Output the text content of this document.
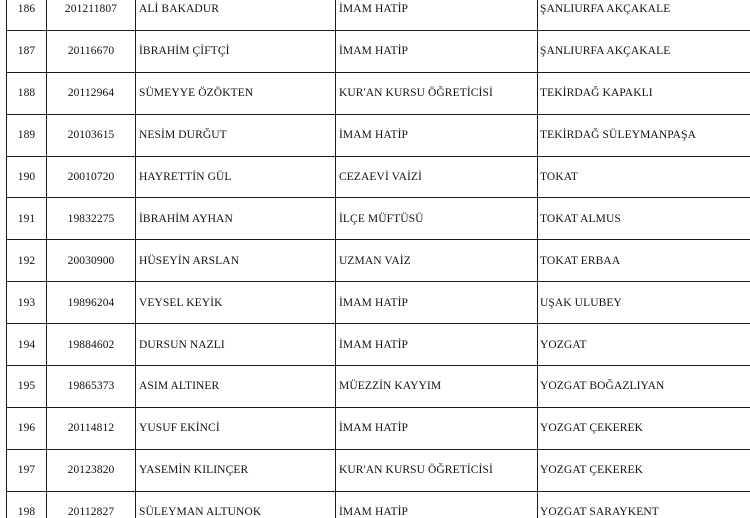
186	201211807	ALİ BAKADUR	İMAM HATİP	ŞANLIURFA AKÇAKALE
187	20116670	İBRAHİM ÇİFTÇİ	İMAM HATİP	ŞANLIURFA AKÇAKALE
188	20112964	SÜMEYYE ÖZÖKTEN	KUR'AN KURSU ÖĞRETİCİSİ	TEKİRDAĞ KAPAKLI
189	20103615	NESİM DURĞUT	İMAM HATİP	TEKİRDAĞ SÜLEYMANPAŞA
190	20010720	HAYRETTİN GÜL	CEZAEVİ VAİZİ	TOKAT
191	19832275	İBRAHİM AYHAN	İLÇE MÜFTÜSÜ	TOKAT ALMUS
192	20030900	HÜSEYİN ARSLAN	UZMAN VAİZ	TOKAT ERBAA
193	19896204	VEYSEL KEYİK	İMAM HATİP	UŞAK ULUBEY
194	19884602	DURSUN NAZLI	İMAM HATİP	YOZGAT
195	19865373	ASIM ALTINER	MÜEZZİN KAYYIM	YOZGAT BOĞAZLIYAN
196	20114812	YUSUF EKİNCİ	İMAM HATİP	YOZGAT ÇEKEREK
197	20123820	YASEMİN KILINÇER	KUR'AN KURSU ÖĞRETİCİSİ	YOZGAT ÇEKEREK
198	20112827	SÜLEYMAN ALTUNOK	İMAM HATİP	YOZGAT SARAYKENT
